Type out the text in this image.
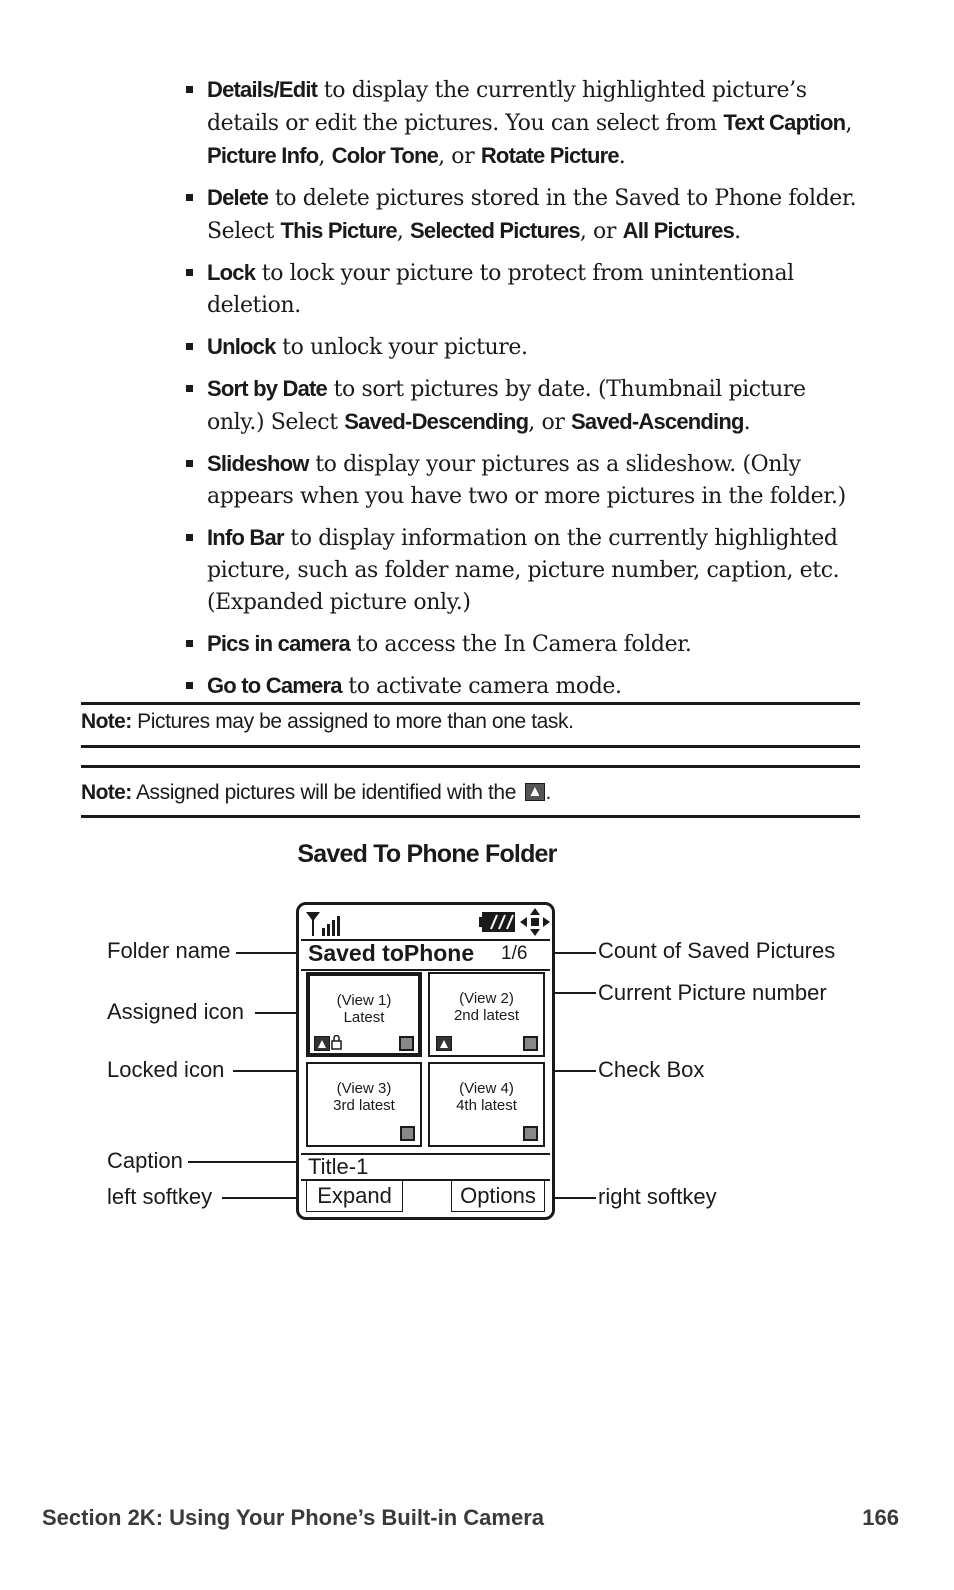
Details/Edit to display the currently highlighted picture’s details or edit the pictures. You can select from Text Caption, Picture Info, Color Tone, or Rotate Picture.
Delete to delete pictures stored in the Saved to Phone folder. Select This Picture, Selected Pictures, or All Pictures.
Lock to lock your picture to protect from unintentional deletion.
Unlock to unlock your picture.
Sort by Date to sort pictures by date. (Thumbnail picture only.) Select Saved-Descending, or Saved-Ascending.
Slideshow to display your pictures as a slideshow. (Only appears when you have two or more pictures in the folder.)
Info Bar to display information on the currently highlighted picture, such as folder name, picture number, caption, etc. (Expanded picture only.)
Pics in camera to access the In Camera folder.
Go to Camera to activate camera mode.
Note: Pictures may be assigned to more than one task.
Note: Assigned pictures will be identified with the .
Saved To Phone Folder
Saved toPhone 1/6
(View 1)
Latest
(View 2)
2nd latest
(View 3)
3rd latest
(View 4)
4th latest
Title-1
Expand	Options
Folder name
Assigned icon
Locked icon
Caption
left softkey
Count of Saved Pictures
Current Picture number
Check Box
right softkey
Section 2K: Using Your Phone’s Built-in Camera	166
